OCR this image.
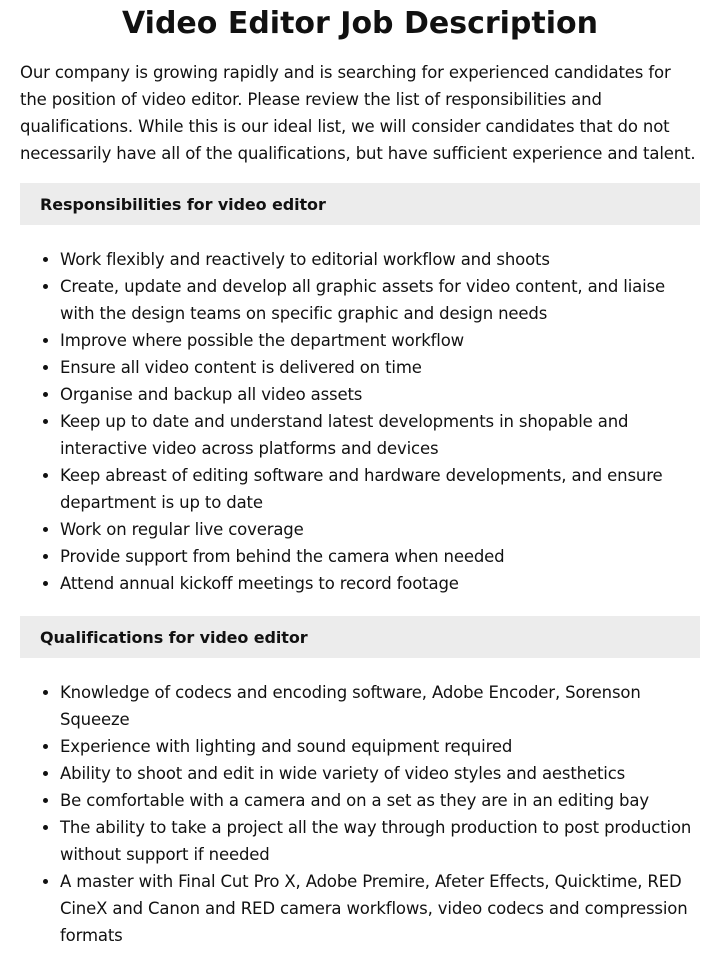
Video Editor Job Description

Our company is growing rapidly and is searching for experienced candidates for the position of video editor. Please review the list of responsibilities and qualifications. While this is our ideal list, we will consider candidates that do not necessarily have all of the qualifications, but have sufficient experience and talent.

Responsibilities for video editor
• Work flexibly and reactively to editorial workflow and shoots
• Create, update and develop all graphic assets for video content, and liaise with the design teams on specific graphic and design needs
• Improve where possible the department workflow
• Ensure all video content is delivered on time
• Organise and backup all video assets
• Keep up to date and understand latest developments in shopable and interactive video across platforms and devices
• Keep abreast of editing software and hardware developments, and ensure department is up to date
• Work on regular live coverage
• Provide support from behind the camera when needed
• Attend annual kickoff meetings to record footage
Qualifications for video editor
• Knowledge of codecs and encoding software, Adobe Encoder, Sorenson Squeeze
• Experience with lighting and sound equipment required
• Ability to shoot and edit in wide variety of video styles and aesthetics
• Be comfortable with a camera and on a set as they are in an editing bay
• The ability to take a project all the way through production to post production without support if needed
• A master with Final Cut Pro X, Adobe Premire, Afeter Effects, Quicktime, RED CineX and Canon and RED camera workflows, video codecs and compression formats
